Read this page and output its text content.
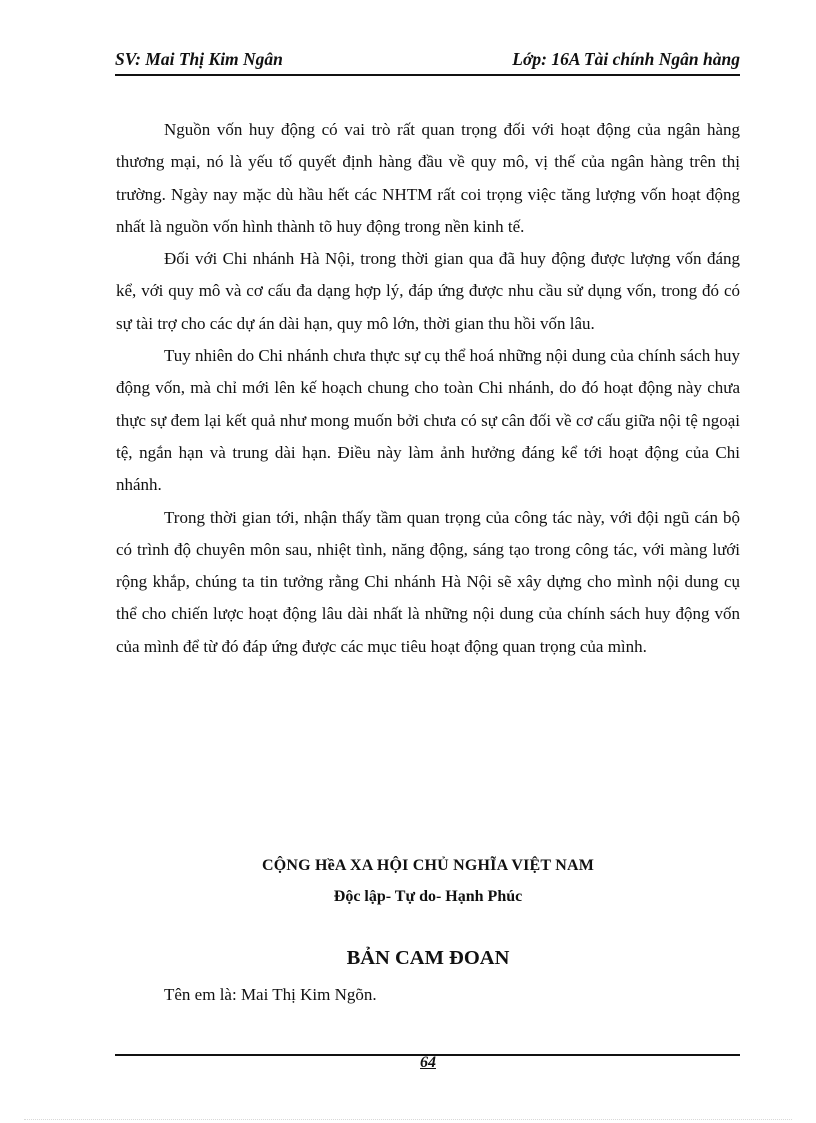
SV: Mai Thị Kim Ngân	Lớp: 16A Tài chính Ngân hàng

Nguồn vốn huy động có vai trò rất quan trọng đối với hoạt động của ngân hàng thương mại, nó là yếu tố quyết định hàng đầu về quy mô, vị thế của ngân hàng trên thị trường. Ngày nay mặc dù hầu hết các NHTM rất coi trọng việc tăng lượng vốn hoạt động nhất là nguồn vốn hình thành tõ huy động trong nền kinh tế.

Đối với Chi nhánh Hà Nội, trong thời gian qua đã huy động được lượng vốn đáng kể, với quy mô và cơ cấu đa dạng hợp lý, đáp ứng được nhu cầu sử dụng vốn, trong đó có sự tài trợ cho các dự án dài hạn, quy mô lớn, thời gian thu hồi vốn lâu.

Tuy nhiên do Chi nhánh chưa thực sự cụ thể hoá những nội dung của chính sách huy động vốn, mà chỉ mới lên kế hoạch chung cho toàn Chi nhánh, do đó hoạt động này chưa thực sự đem lại kết quả như mong muốn bởi chưa có sự cân đối về cơ cấu giữa nội tệ ngoại tệ, ngắn hạn và trung dài hạn. Điều này làm ảnh hưởng đáng kể tới hoạt động của Chi nhánh.

Trong thời gian tới, nhận thấy tầm quan trọng của công tác này, với đội ngũ cán bộ có trình độ chuyên môn sau, nhiệt tình, năng động, sáng tạo trong công tác, với màng lưới rộng khắp, chúng ta tin tưởng rằng Chi nhánh Hà Nội sẽ xây dựng cho mình nội dung cụ thể cho chiến lược hoạt động lâu dài nhất là những nội dung của chính sách huy động vốn của mình để từ đó đáp ứng được các mục tiêu hoạt động quan trọng của mình.

CỘNG HềA XA HỘI CHỦ NGHĨA VIỆT NAM
Độc lập- Tự do- Hạnh Phúc
BẢN CAM ĐOAN
Tên em là: Mai Thị Kim Ngõn.
64
